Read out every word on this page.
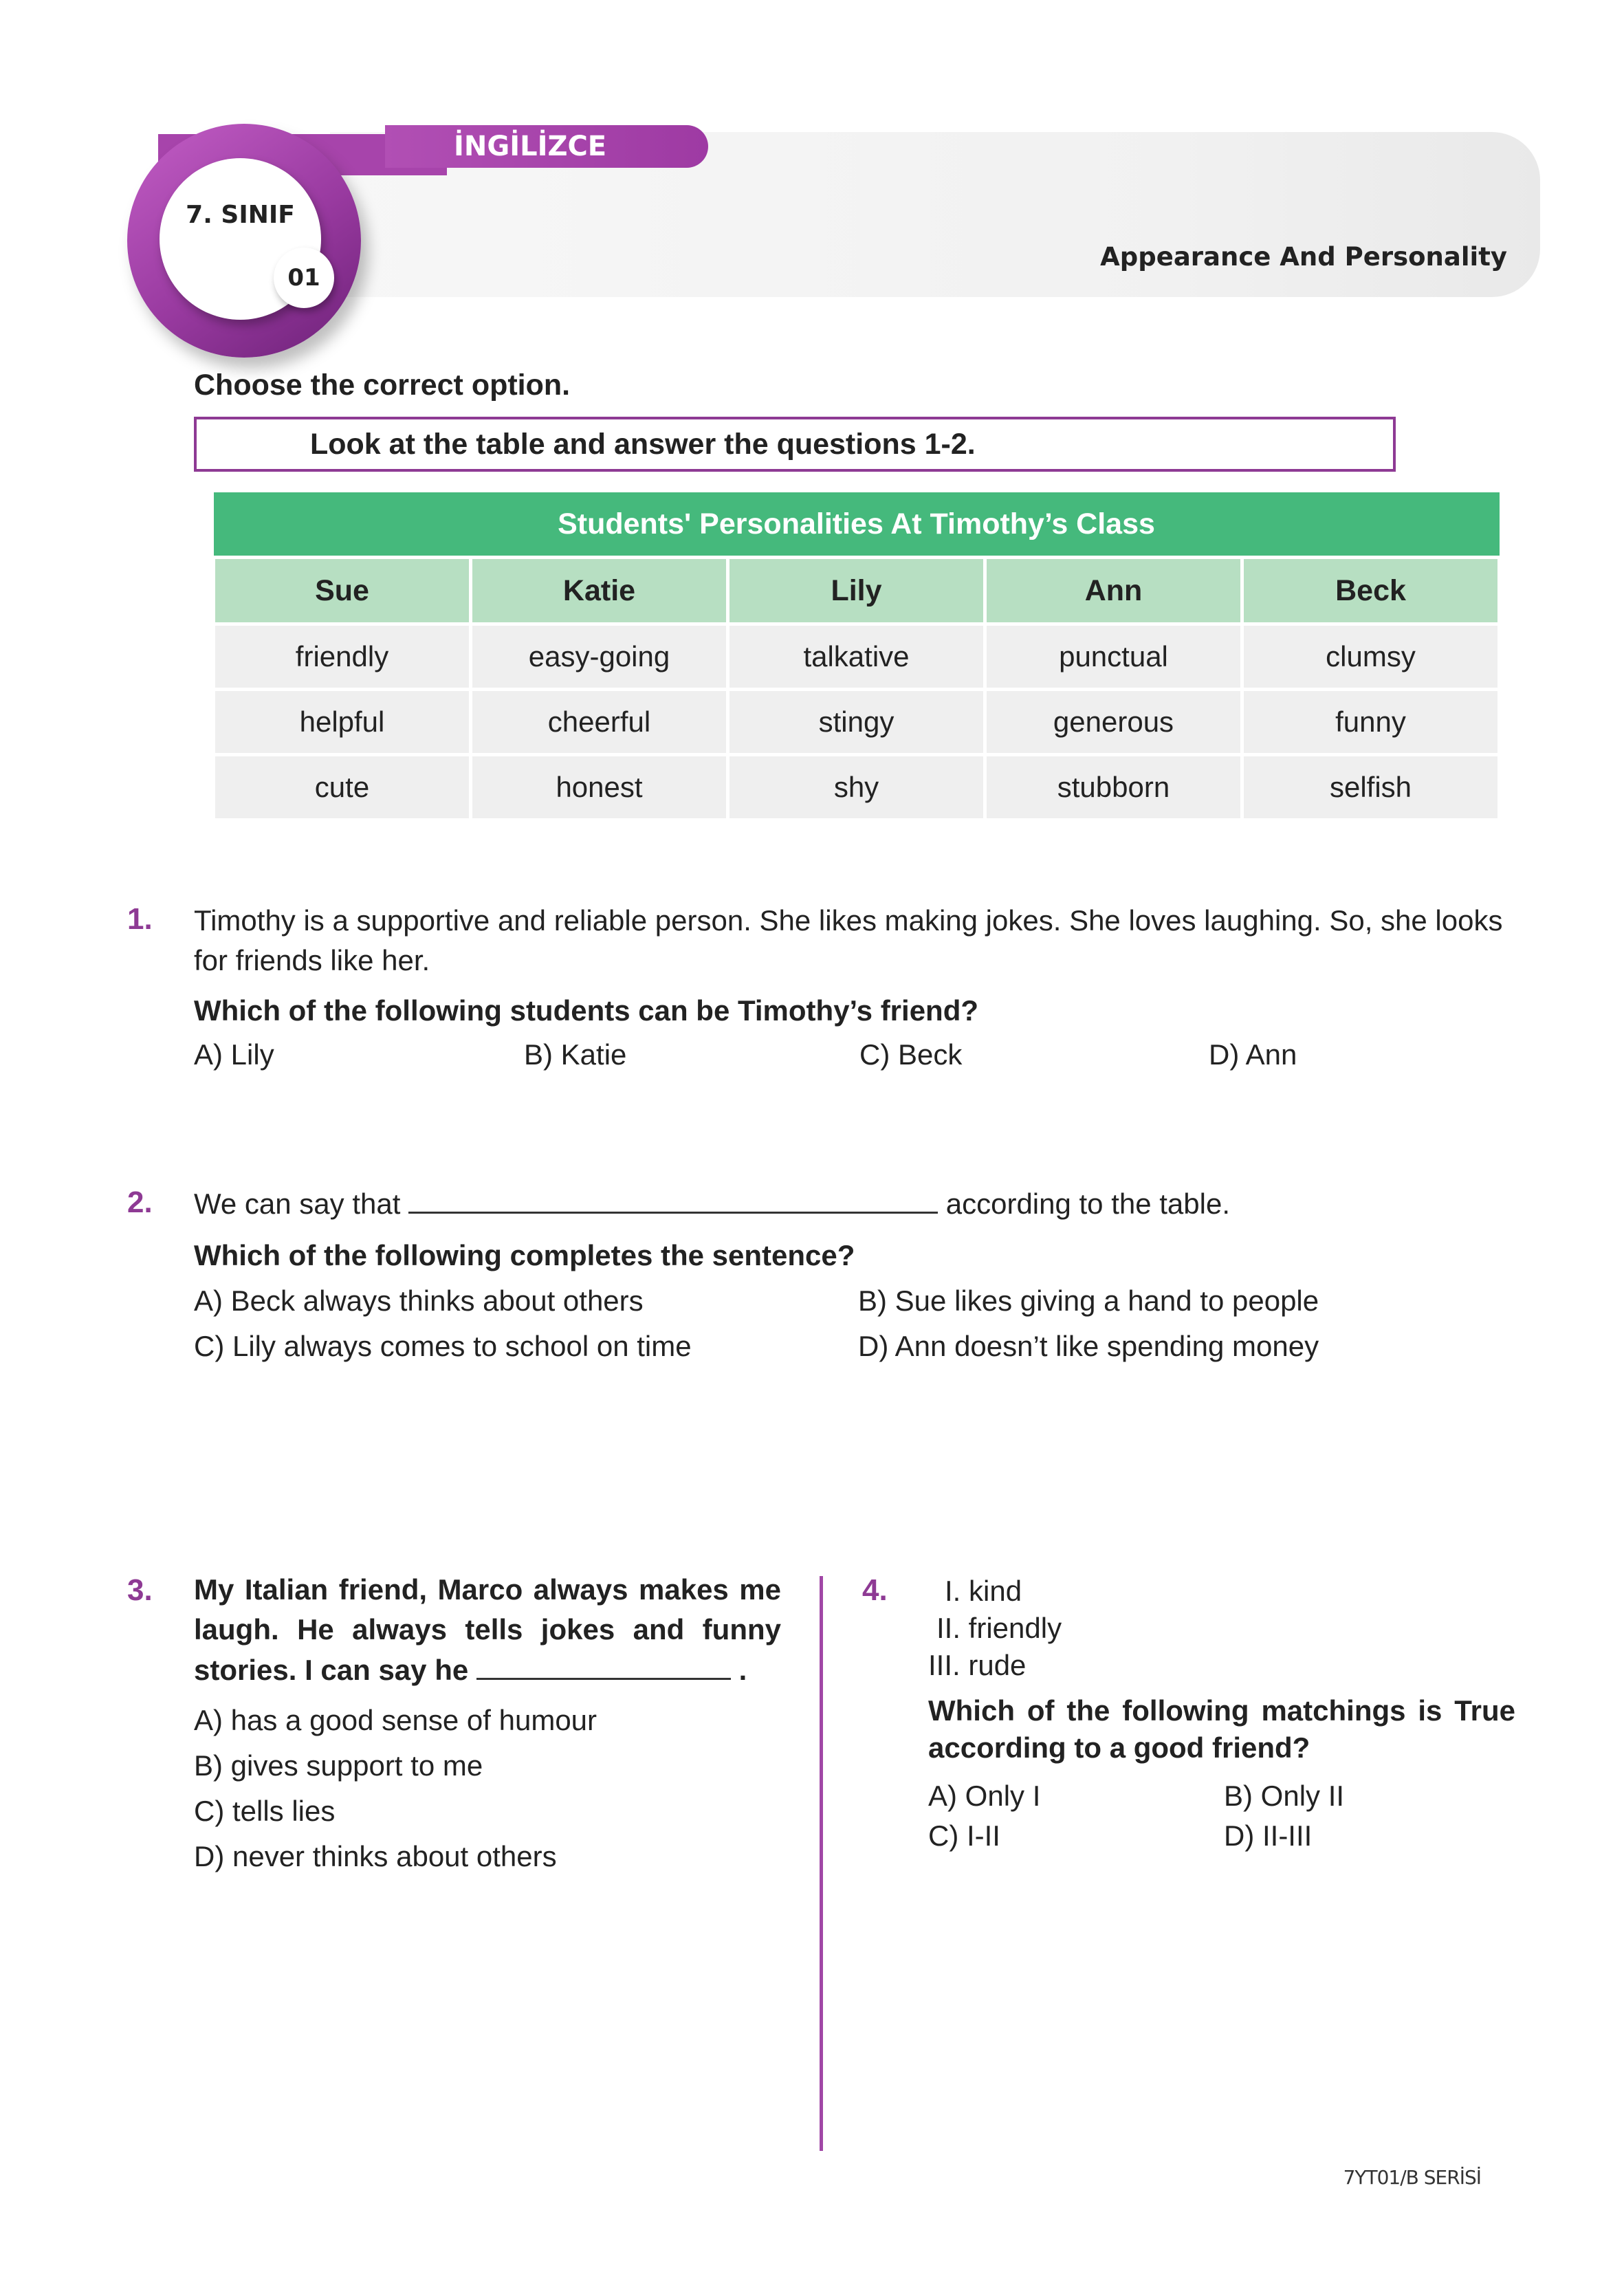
İNGİLİZCE
7. SINIF
01
Appearance And Personality
Choose the correct option.
Look at the table and answer the questions 1-2.
Students' Personalities At Timothy’s Class				
Sue	Katie	Lily	Ann	Beck
friendly	easy-going	talkative	punctual	clumsy
helpful	cheerful	stingy	generous	funny
cute	honest	shy	stubborn	selfish
1. Timothy is a supportive and reliable person. She likes making jokes. She loves laughing. So, she looks for friends like her.
Which of the following students can be Timothy’s friend?
A) Lily	B) Katie	C) Beck	D) Ann
2. We can say that	according to the table.
Which of the following completes the sentence?
A) Beck always thinks about others	B) Sue likes giving a hand to people
C) Lily always comes to school on time	D) Ann doesn’t like spending money
3. My Italian friend, Marco always makes me
laugh. He always tells jokes and funny
stories. I can say he	.
A) has a good sense of humour
B) gives support to me
C) tells lies
D) never thinks about others
4. I. kind
II. friendly
III. rude
Which of the following matchings is True
according to a good friend?
A) Only I	B) Only II
C) I-II	D) II-III
7YT01/B SERİSİ
